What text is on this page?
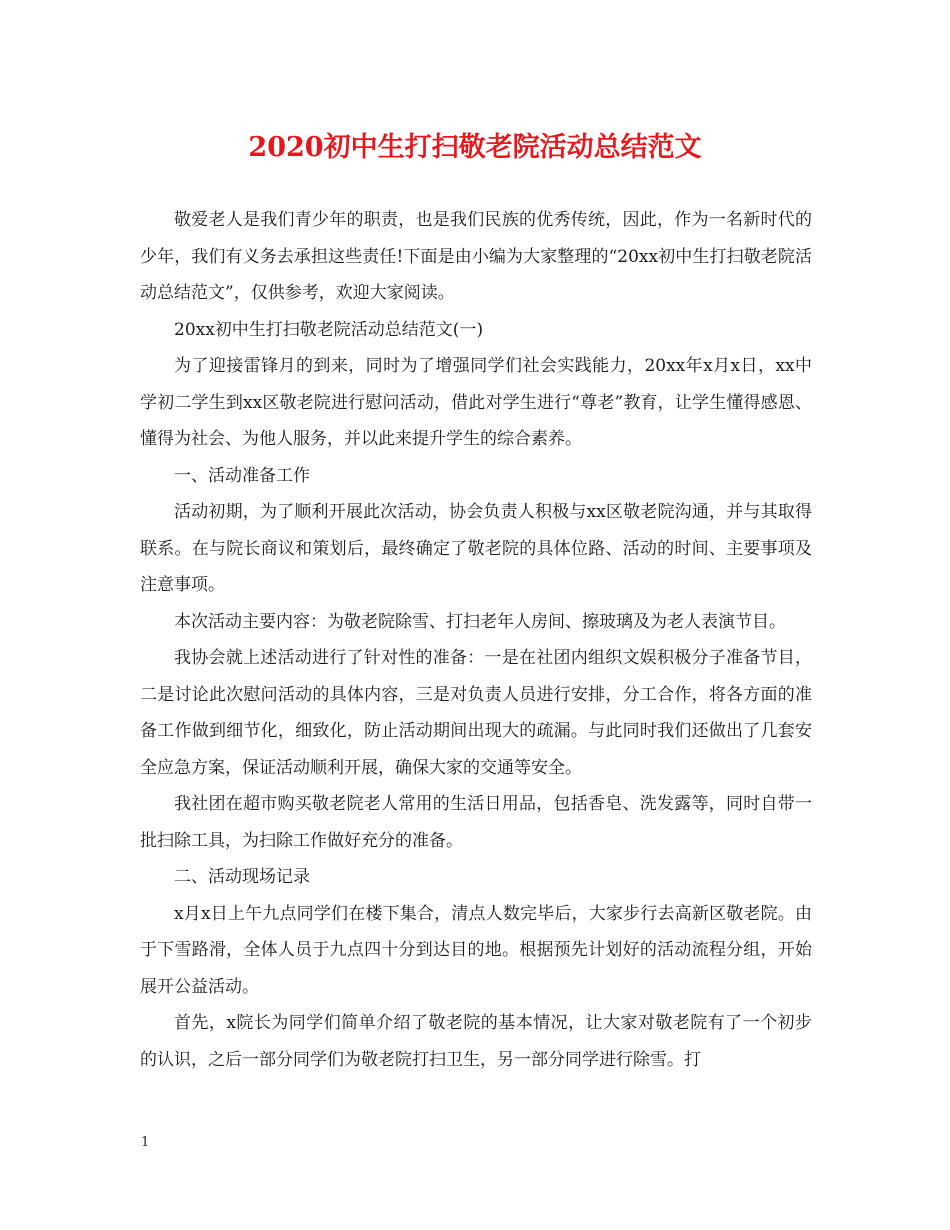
2020初中生打扫敬老院活动总结范文

敬爱老人是我们青少年的职责，也是我们民族的优秀传统，因此，作为一名新时代的少年，我们有义务去承担这些责任!下面是由小编为大家整理的“20xx初中生打扫敬老院活动总结范文”，仅供参考，欢迎大家阅读。

20xx初中生打扫敬老院活动总结范文(一)

为了迎接雷锋月的到来，同时为了增强同学们社会实践能力，20xx年x月x日，xx中学初二学生到xx区敬老院进行慰问活动，借此对学生进行“尊老”教育，让学生懂得感恩、懂得为社会、为他人服务，并以此来提升学生的综合素养。

一、活动准备工作

活动初期，为了顺利开展此次活动，协会负责人积极与xx区敬老院沟通，并与其取得联系。在与院长商议和策划后，最终确定了敬老院的具体位路、活动的时间、主要事项及注意事项。

本次活动主要内容：为敬老院除雪、打扫老年人房间、擦玻璃及为老人表演节目。

我协会就上述活动进行了针对性的准备：一是在社团内组织文娱积极分子准备节目，二是讨论此次慰问活动的具体内容，三是对负责人员进行安排，分工合作，将各方面的准备工作做到细节化，细致化，防止活动期间出现大的疏漏。与此同时我们还做出了几套安全应急方案，保证活动顺利开展，确保大家的交通等安全。

我社团在超市购买敬老院老人常用的生活日用品，包括香皂、洗发露等，同时自带一批扫除工具，为扫除工作做好充分的准备。

二、活动现场记录

x月x日上午九点同学们在楼下集合，清点人数完毕后，大家步行去高新区敬老院。由于下雪路滑，全体人员于九点四十分到达目的地。根据预先计划好的活动流程分组，开始展开公益活动。

首先，x院长为同学们简单介绍了敬老院的基本情况，让大家对敬老院有了一个初步的认识，之后一部分同学们为敬老院打扫卫生，另一部分同学进行除雪。打

1
